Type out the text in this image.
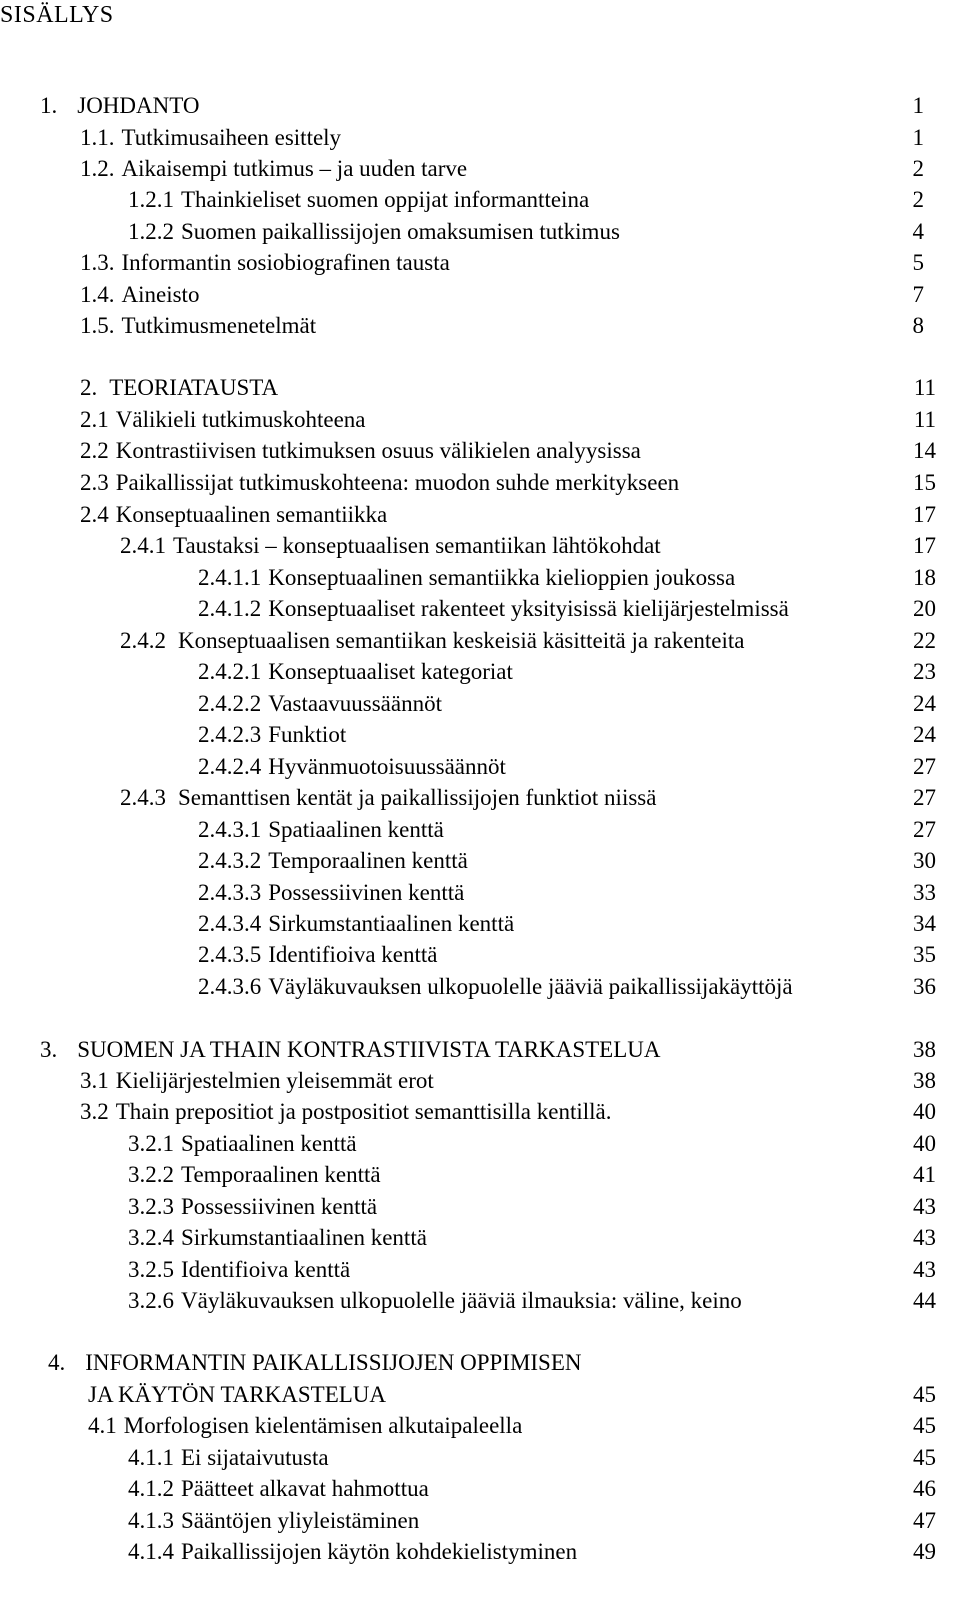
SISÄLLYS
1. JOHDANTO	1
1.1. Tutkimusaiheen esittely	1
1.2. Aikaisempi tutkimus – ja uuden tarve	2
1.2.1 Thainkieliset suomen oppijat informantteina	2
1.2.2 Suomen paikallissijojen omaksumisen tutkimus	4
1.3. Informantin sosiobiografinen tausta	5
1.4. Aineisto	7
1.5. Tutkimusmenetelmät	8
2. TEORIATAUSTA	11
2.1 Välikieli tutkimuskohteena	11
2.2 Kontrastiivisen tutkimuksen osuus välikielen analyysissa	14
2.3 Paikallissijat tutkimuskohteena: muodon suhde merkitykseen	15
2.4 Konseptuaalinen semantiikka	17
2.4.1 Taustaksi – konseptuaalisen semantiikan lähtökohdat	17
2.4.1.1 Konseptuaalinen semantiikka kielioppien joukossa	18
2.4.1.2 Konseptuaaliset rakenteet yksityisissä kielijärjestelmissä	20
2.4.2 Konseptuaalisen semantiikan keskeisiä käsitteitä ja rakenteita	22
2.4.2.1 Konseptuaaliset kategoriat	23
2.4.2.2 Vastaavuussäännöt	24
2.4.2.3 Funktiot	24
2.4.2.4 Hyvänmuotoisuussäännöt	27
2.4.3 Semanttisen kentät ja paikallissijojen funktiot niissä	27
2.4.3.1 Spatiaalinen kenttä	27
2.4.3.2 Temporaalinen kenttä	30
2.4.3.3 Possessiivinen kenttä	33
2.4.3.4 Sirkumstantiaalinen kenttä	34
2.4.3.5 Identifioiva kenttä	35
2.4.3.6 Väyläkuvauksen ulkopuolelle jääviä paikallissijakäyttöjä	36
3. SUOMEN JA THAIN KONTRASTIIVISTA TARKASTELUA	38
3.1 Kielijärjestelmien yleisemmät erot	38
3.2 Thain prepositiot ja postpositiot semanttisilla kentillä.	40
3.2.1 Spatiaalinen kenttä	40
3.2.2 Temporaalinen kenttä	41
3.2.3 Possessiivinen kenttä	43
3.2.4 Sirkumstantiaalinen kenttä	43
3.2.5 Identifioiva kenttä	43
3.2.6 Väyläkuvauksen ulkopuolelle jääviä ilmauksia: väline, keino	44
4. INFORMANTIN PAIKALLISSIJOJEN OPPIMISEN
JA KÄYTÖN TARKASTELUA	45
4.1 Morfologisen kielentämisen alkutaipaleella	45
4.1.1 Ei sijataivutusta	45
4.1.2 Päätteet alkavat hahmottua	46
4.1.3 Sääntöjen yliyleistäminen	47
4.1.4 Paikallissijojen käytön kohdekielistyminen	49
